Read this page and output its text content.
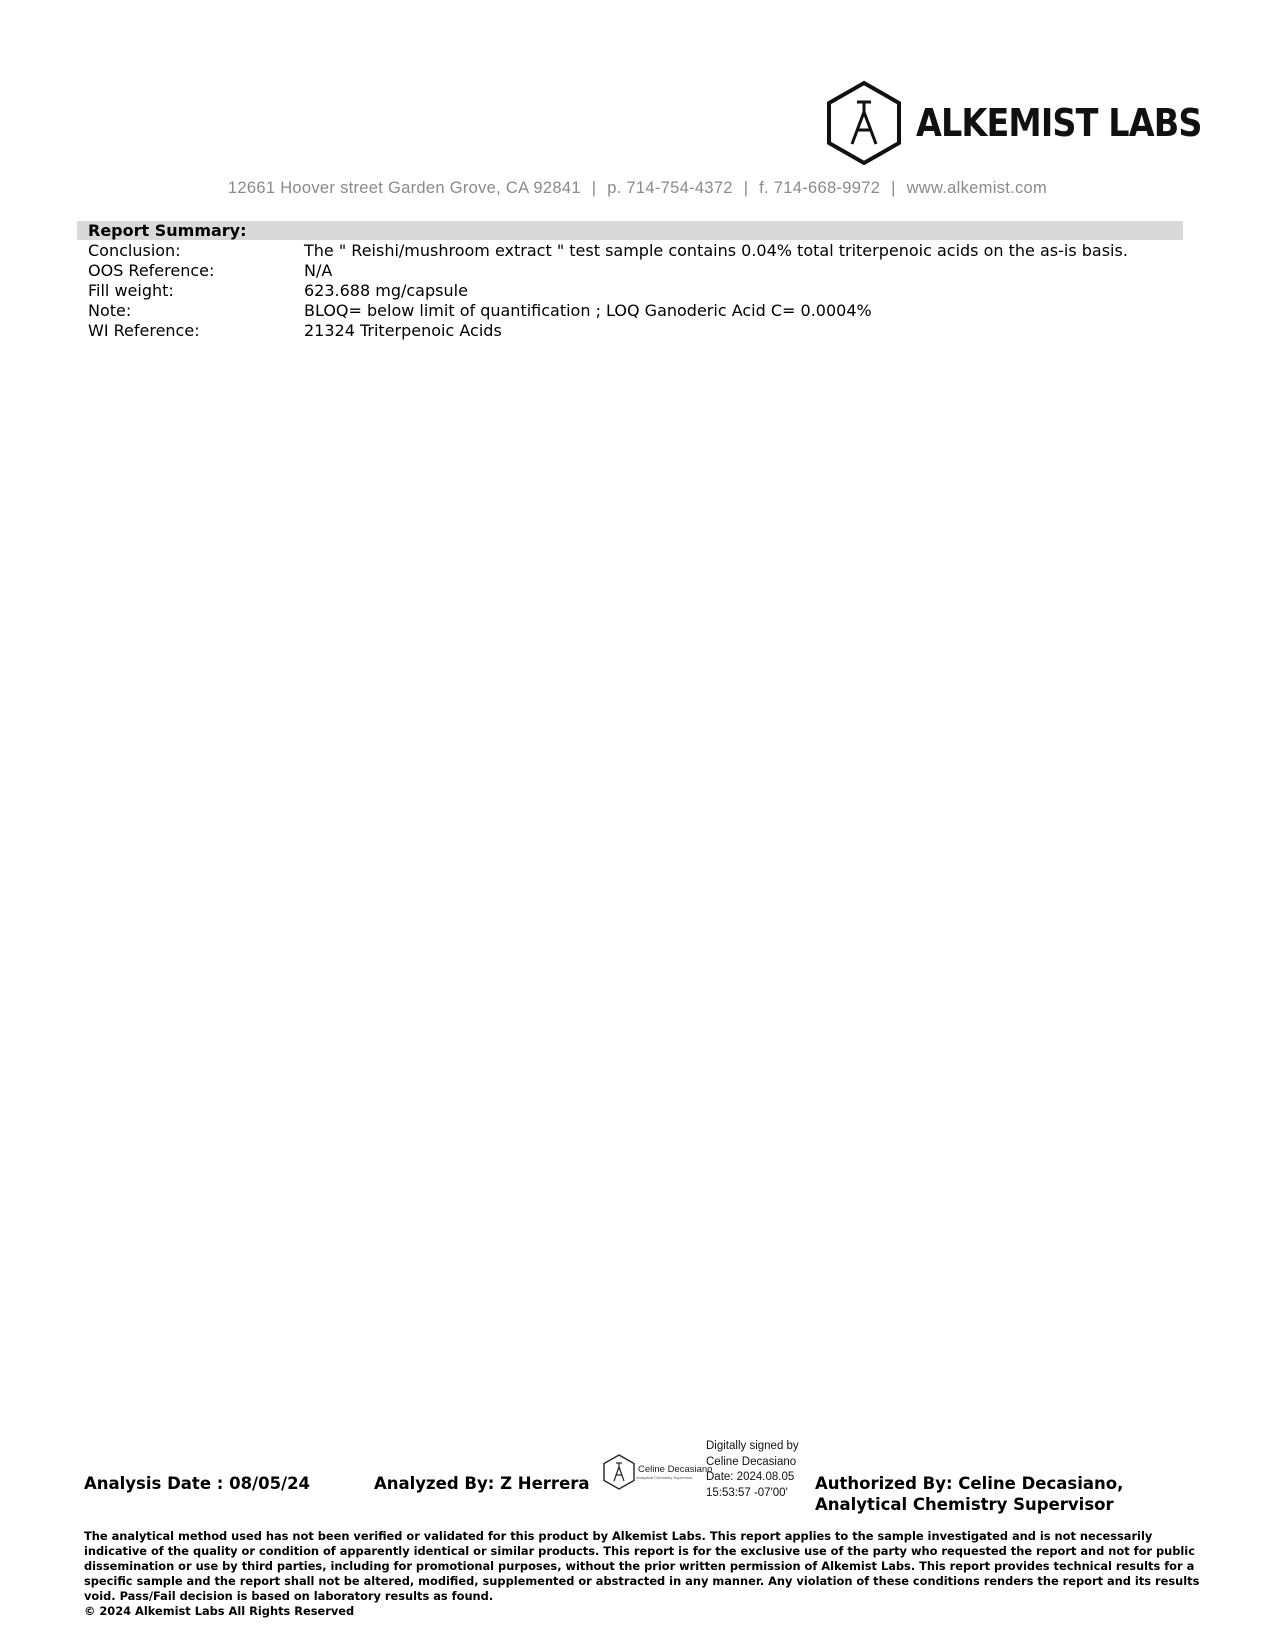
ALKEMIST LABS
12661 Hoover street Garden Grove, CA 92841 | p. 714-754-4372 | f. 714-668-9972 | www.alkemist.com
Report Summary:
Conclusion:	The " Reishi/mushroom extract " test sample contains 0.04% total triterpenoic acids on the as-is basis.
OOS Reference:	N/A
Fill weight:	623.688 mg/capsule
Note:	BLOQ= below limit of quantification ; LOQ Ganoderic Acid C= 0.0004%
WI Reference:	21324 Triterpenoic Acids
Analysis Date : 08/05/24	Analyzed By: Z Herrera
Celine Decasiano
Analytical Chemistry Supervisor
Digitally signed by
Celine Decasiano
Date: 2024.08.05
15:53:57 -07'00'	Authorized By: Celine Decasiano,
Analytical Chemistry Supervisor
The analytical method used has not been verified or validated for this product by Alkemist Labs. This report applies to the sample investigated and is not necessarily indicative of the quality or condition of apparently identical or similar products. This report is for the exclusive use of the party who requested the report and not for public dissemination or use by third parties, including for promotional purposes, without the prior written permission of Alkemist Labs. This report provides technical results for a specific sample and the report shall not be altered, modified, supplemented or abstracted in any manner. Any violation of these conditions renders the report and its results void. Pass/Fail decision is based on laboratory results as found.
© 2024 Alkemist Labs All Rights Reserved
